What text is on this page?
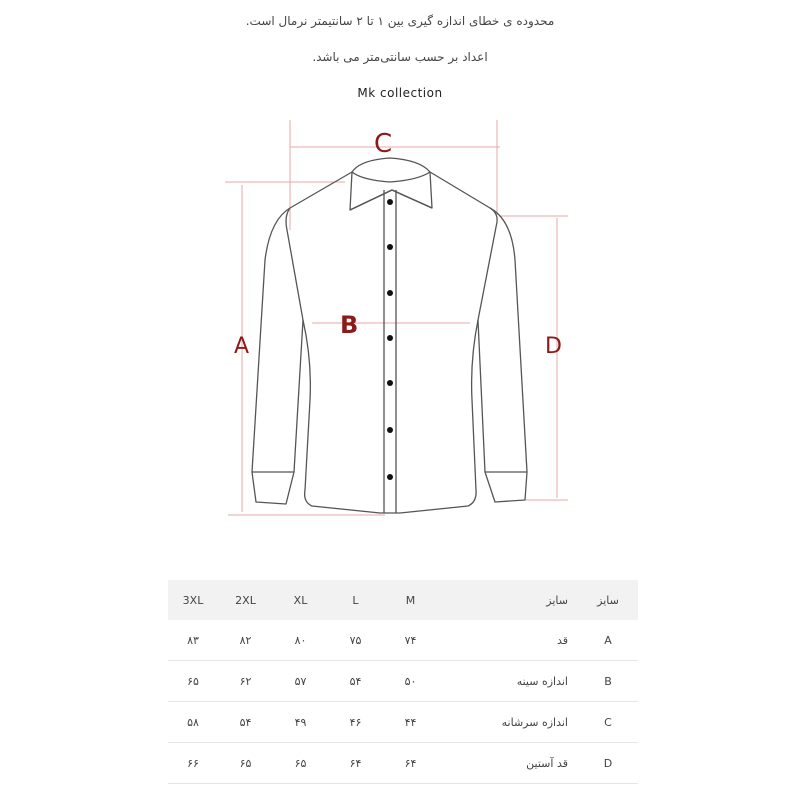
محدوده ی خطای اندازه گیری بین ۱ تا ۲ سانتیمتر نرمال است.
اعداد بر حسب سانتی‌متر می باشد.
Mk collection
C
A
B
D
3XL	2XL	XL	L	M	سایز	سایز
۸۳	۸۲	۸۰	۷۵	۷۴	قد	A
۶۵	۶۲	۵۷	۵۴	۵۰	اندازه سینه	B
۵۸	۵۴	۴۹	۴۶	۴۴	اندازه سرشانه	C
۶۶	۶۵	۶۵	۶۴	۶۴	قد آستین	D
